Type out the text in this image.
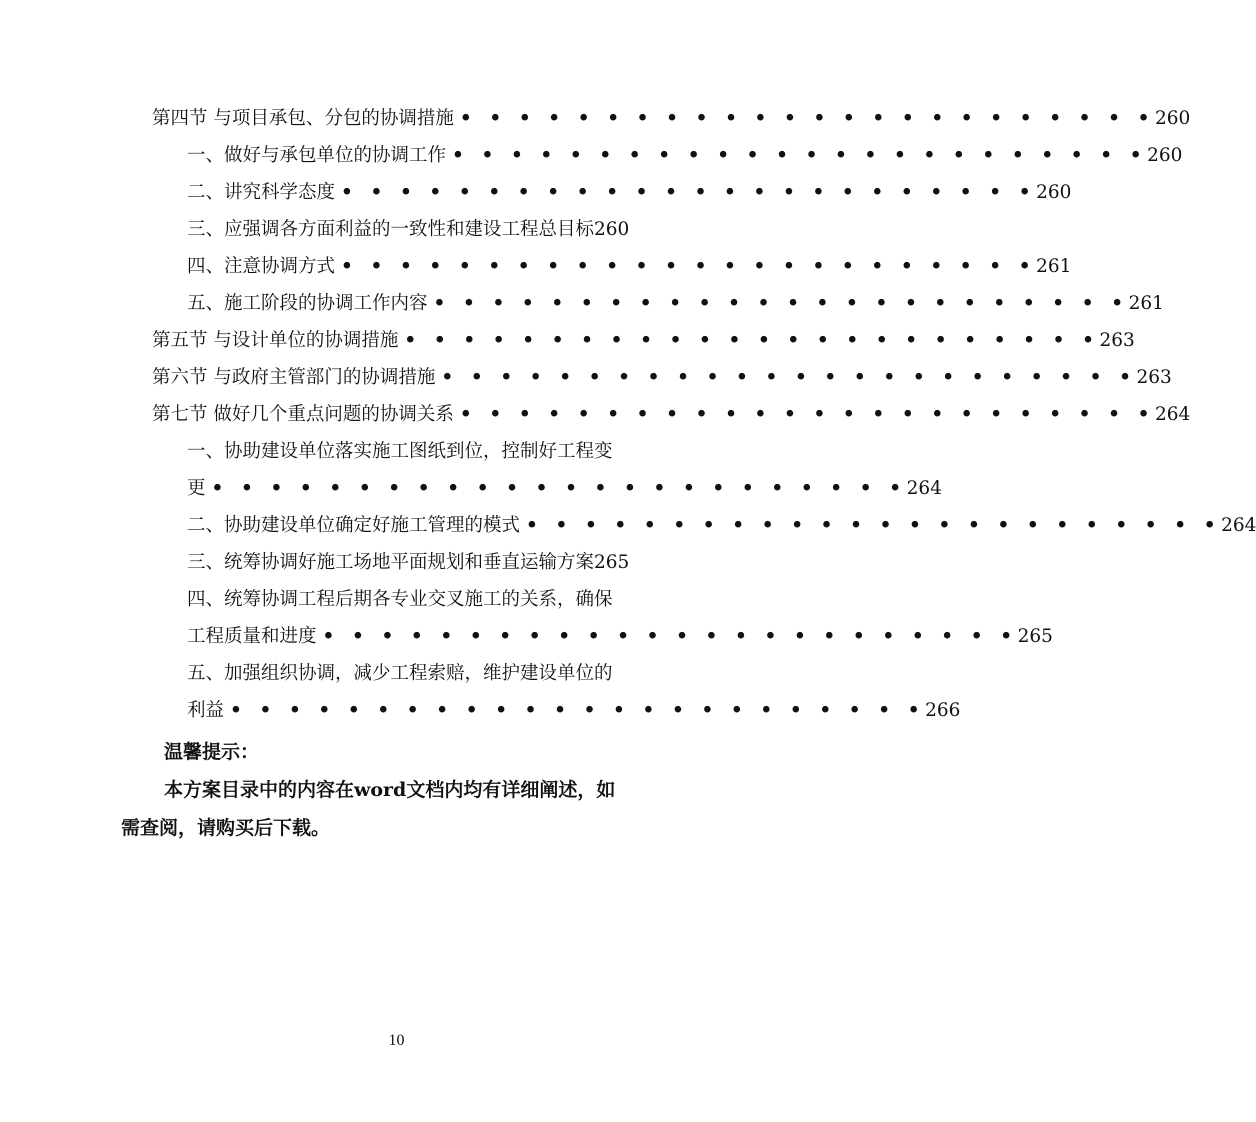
第四节 与项目承包、分包的协调措施 • • • • • • • • • • • • • • • • • • • • • • • • 260
一、做好与承包单位的协调工作 • • • • • • • • • • • • • • • • • • • • • • • • 260
二、讲究科学态度 • • • • • • • • • • • • • • • • • • • • • • • • 260
三、应强调各方面利益的一致性和建设工程总目标 260
四、注意协调方式 • • • • • • • • • • • • • • • • • • • • • • • • 261
五、施工阶段的协调工作内容 • • • • • • • • • • • • • • • • • • • • • • • • 261
第五节 与设计单位的协调措施 • • • • • • • • • • • • • • • • • • • • • • • • 263
第六节 与政府主管部门的协调措施 • • • • • • • • • • • • • • • • • • • • • • • • 263
第七节 做好几个重点问题的协调关系 • • • • • • • • • • • • • • • • • • • • • • • • 264
一、协助建设单位落实施工图纸到位，控制好工程变
更 • • • • • • • • • • • • • • • • • • • • • • • • 264
二、协助建设单位确定好施工管理的模式 • • • • • • • • • • • • • • • • • • • • • • • • 264
三、统筹协调好施工场地平面规划和垂直运输方案 265
四、统筹协调工程后期各专业交叉施工的关系，确保
工程质量和进度 • • • • • • • • • • • • • • • • • • • • • • • • 265
五、加强组织协调，减少工程索赔，维护建设单位的
利益 • • • • • • • • • • • • • • • • • • • • • • • • 266
温馨提示：
本方案目录中的内容在word文档内均有详细阐述，如
需查阅，请购买后下载。
10
